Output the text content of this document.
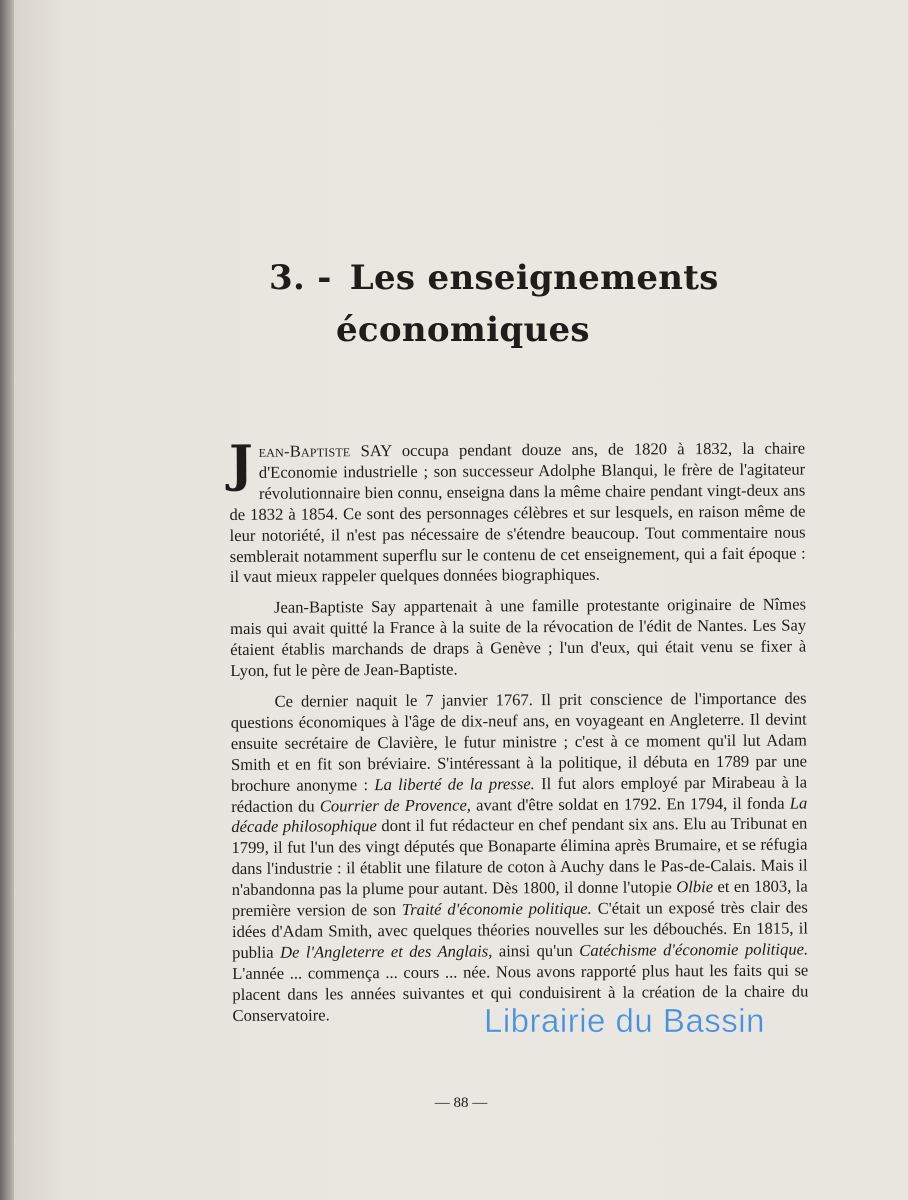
3. - Les enseignements
économiques

Jean-Baptiste SAY occupa pendant douze ans, de 1820 à 1832, la chaire d'Economie industrielle ; son successeur Adolphe Blanqui, le frère de l'agitateur révolutionnaire bien connu, enseigna dans la même chaire pendant vingt-deux ans de 1832 à 1854. Ce sont des personnages célèbres et sur lesquels, en raison même de leur notoriété, il n'est pas nécessaire de s'étendre beaucoup. Tout commentaire nous semblerait notamment superflu sur le contenu de cet enseignement, qui a fait époque : il vaut mieux rappeler quelques données biographiques.

Jean-Baptiste Say appartenait à une famille protestante originaire de Nîmes mais qui avait quitté la France à la suite de la révocation de l'édit de Nantes. Les Say étaient établis marchands de draps à Genève ; l'un d'eux, qui était venu se fixer à Lyon, fut le père de Jean-Baptiste.

Ce dernier naquit le 7 janvier 1767. Il prit conscience de l'importance des questions économiques à l'âge de dix-neuf ans, en voyageant en Angleterre. Il devint ensuite secrétaire de Clavière, le futur ministre ; c'est à ce moment qu'il lut Adam Smith et en fit son bréviaire. S'intéressant à la politique, il débuta en 1789 par une brochure anonyme : La liberté de la presse. Il fut alors employé par Mirabeau à la rédaction du Courrier de Provence, avant d'être soldat en 1792. En 1794, il fonda La décade philosophique dont il fut rédacteur en chef pendant six ans. Elu au Tribunat en 1799, il fut l'un des vingt députés que Bonaparte élimina après Brumaire, et se réfugia dans l'industrie : il établit une filature de coton à Auchy dans le Pas-de-Calais. Mais il n'abandonna pas la plume pour autant. Dès 1800, il donne l'utopie Olbie et en 1803, la première version de son Traité d'économie politique. C'était un exposé très clair des idées d'Adam Smith, avec quelques théories nouvelles sur les débouchés. En 1815, il publia De l'Angleterre et des Anglais, ainsi qu'un Catéchisme d'économie politique. L'année ... commença ... cours ... née. Nous avons rapporté plus haut les faits qui se placent dans les années suivantes et qui conduisirent à la création de la chaire du Conservatoire.

— 88 —
Librairie du Bassin
